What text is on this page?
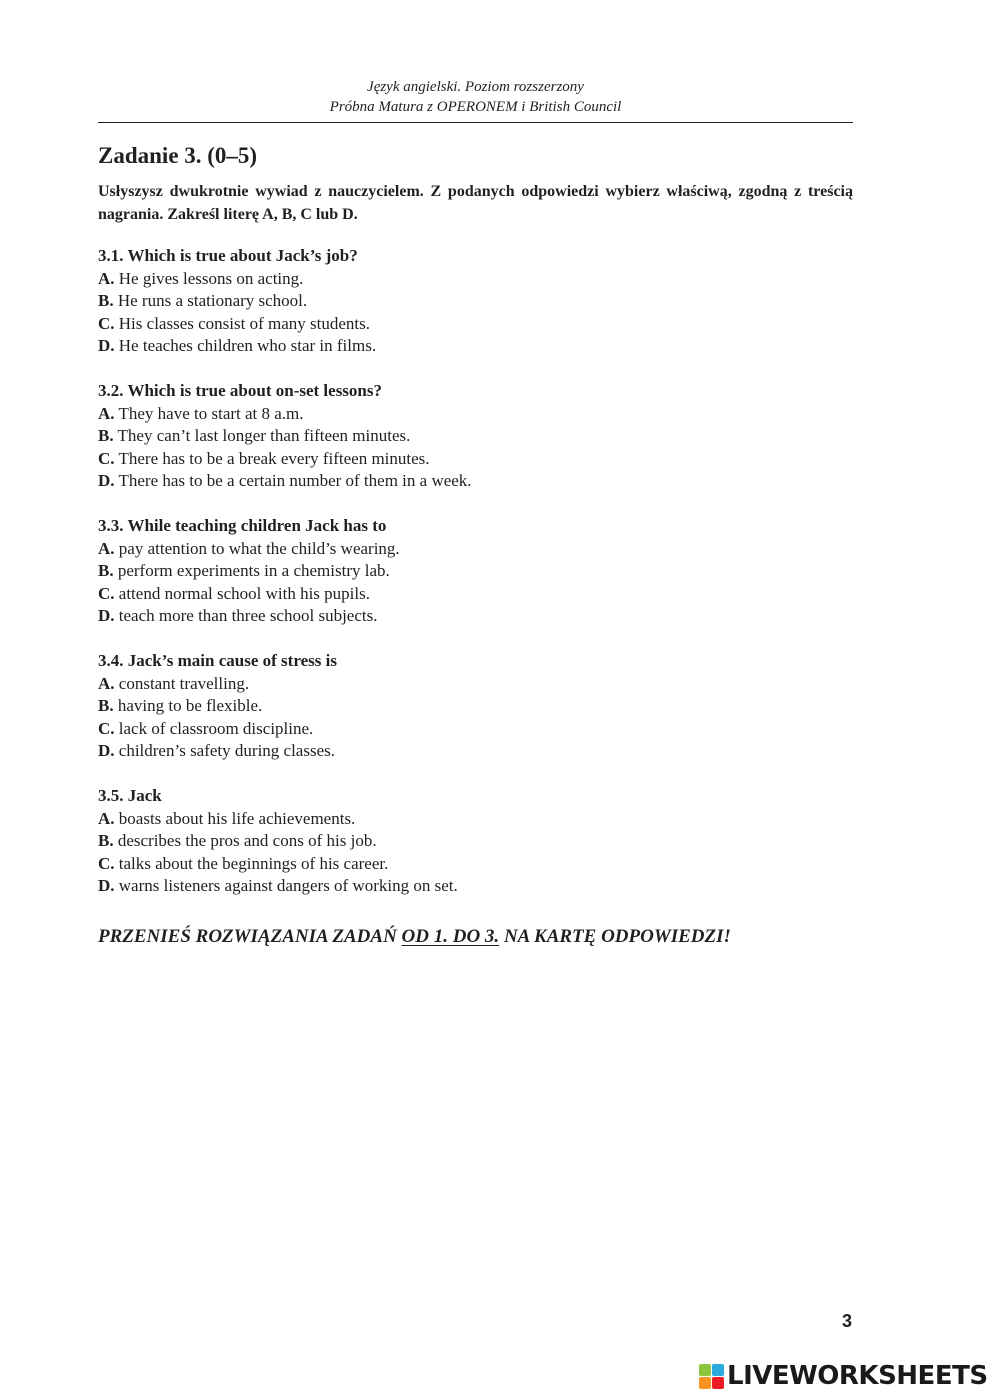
Język angielski. Poziom rozszerzony
Próbna Matura z OPERONEM i British Council
Zadanie 3. (0–5)
Usłyszysz dwukrotnie wywiad z nauczycielem. Z podanych odpowiedzi wybierz właściwą, zgodną z treścią nagrania. Zakreśl literę A, B, C lub D.
3.1. Which is true about Jack’s job?
A. He gives lessons on acting.
B. He runs a stationary school.
C. His classes consist of many students.
D. He teaches children who star in films.
3.2. Which is true about on-set lessons?
A. They have to start at 8 a.m.
B. They can’t last longer than fifteen minutes.
C. There has to be a break every fifteen minutes.
D. There has to be a certain number of them in a week.
3.3. While teaching children Jack has to
A. pay attention to what the child’s wearing.
B. perform experiments in a chemistry lab.
C. attend normal school with his pupils.
D. teach more than three school subjects.
3.4. Jack’s main cause of stress is
A. constant travelling.
B. having to be flexible.
C. lack of classroom discipline.
D. children’s safety during classes.
3.5. Jack
A. boasts about his life achievements.
B. describes the pros and cons of his job.
C. talks about the beginnings of his career.
D. warns listeners against dangers of working on set.
PRZENIEŚ ROZWIĄZANIA ZADAŃ OD 1. DO 3. NA KARTĘ ODPOWIEDZI!
3
LIVEWORKSHEETS
